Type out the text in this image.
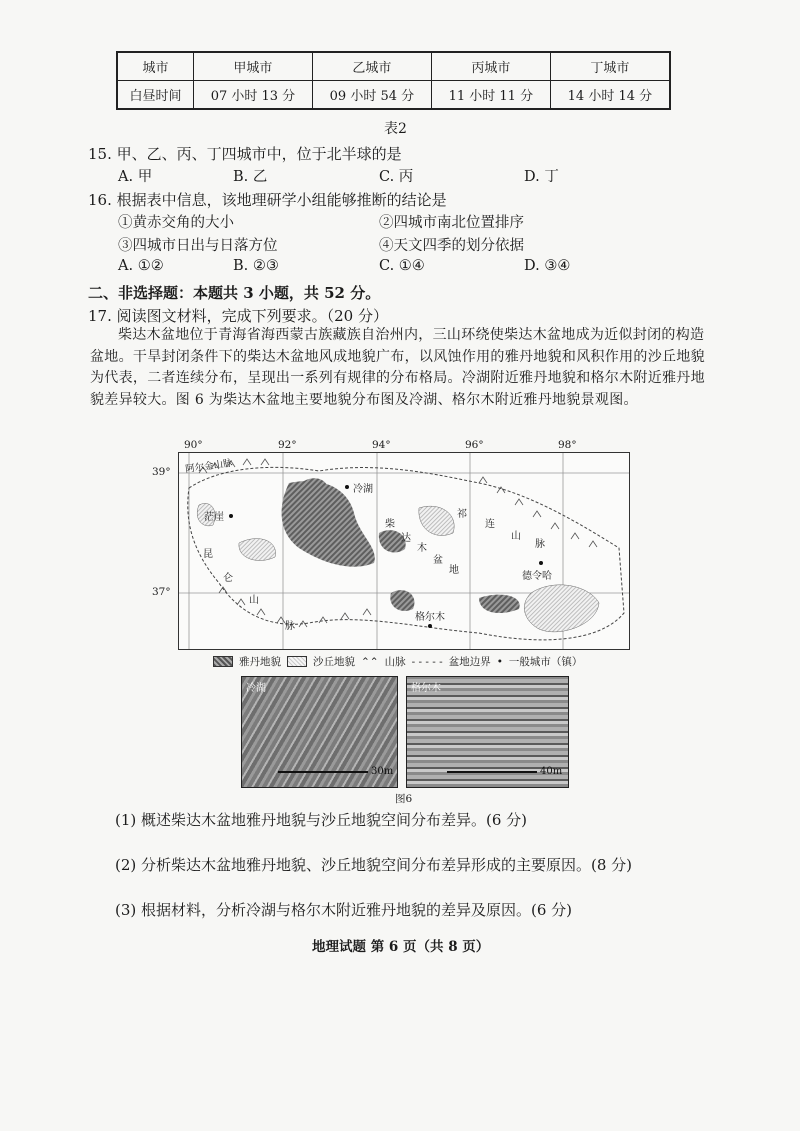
城市	甲城市	乙城市	丙城市	丁城市
白昼时间	07 小时 13 分	09 小时 54 分	11 小时 11 分	14 小时 14 分
表2
15. 甲、乙、丙、丁四城市中，位于北半球的是
A. 甲	B. 乙	C. 丙	D. 丁
16. 根据表中信息，该地理研学小组能够推断的结论是
①黄赤交角的大小	②四城市南北位置排序
③四城市日出与日落方位	④天文四季的划分依据
A. ①②	B. ②③	C. ①④	D. ③④
二、非选择题：本题共 3 小题，共 52 分。
17. 阅读图文材料，完成下列要求。（20 分）
柴达木盆地位于青海省海西蒙古族藏族自治州内，三山环绕使柴达木盆地成为近似封闭的构造盆地。干旱封闭条件下的柴达木盆地风成地貌广布，以风蚀作用的雅丹地貌和风积作用的沙丘地貌为代表，二者连续分布，呈现出一系列有规律的分布格局。冷湖附近雅丹地貌和格尔木附近雅丹地貌差异较大。图 6 为柴达木盆地主要地貌分布图及冷湖、格尔木附近雅丹地貌景观图。
90°	92°	94°	96°	98°
39°
37°
冷湖
茫崖
格尔木
德令哈
阿尔金山脉
祁
连
山
脉
昆
仑
山
脉
柴
达
木
盆
地
雅丹地貌	沙丘地貌 ⌃⌃ 山脉 - - - - - 盆地边界 • 一般城市（镇）
冷湖
30m
格尔木
40m
图6
(1) 概述柴达木盆地雅丹地貌与沙丘地貌空间分布差异。(6 分)
(2) 分析柴达木盆地雅丹地貌、沙丘地貌空间分布差异形成的主要原因。(8 分)
(3) 根据材料，分析冷湖与格尔木附近雅丹地貌的差异及原因。(6 分)
地理试题 第 6 页（共 8 页）
